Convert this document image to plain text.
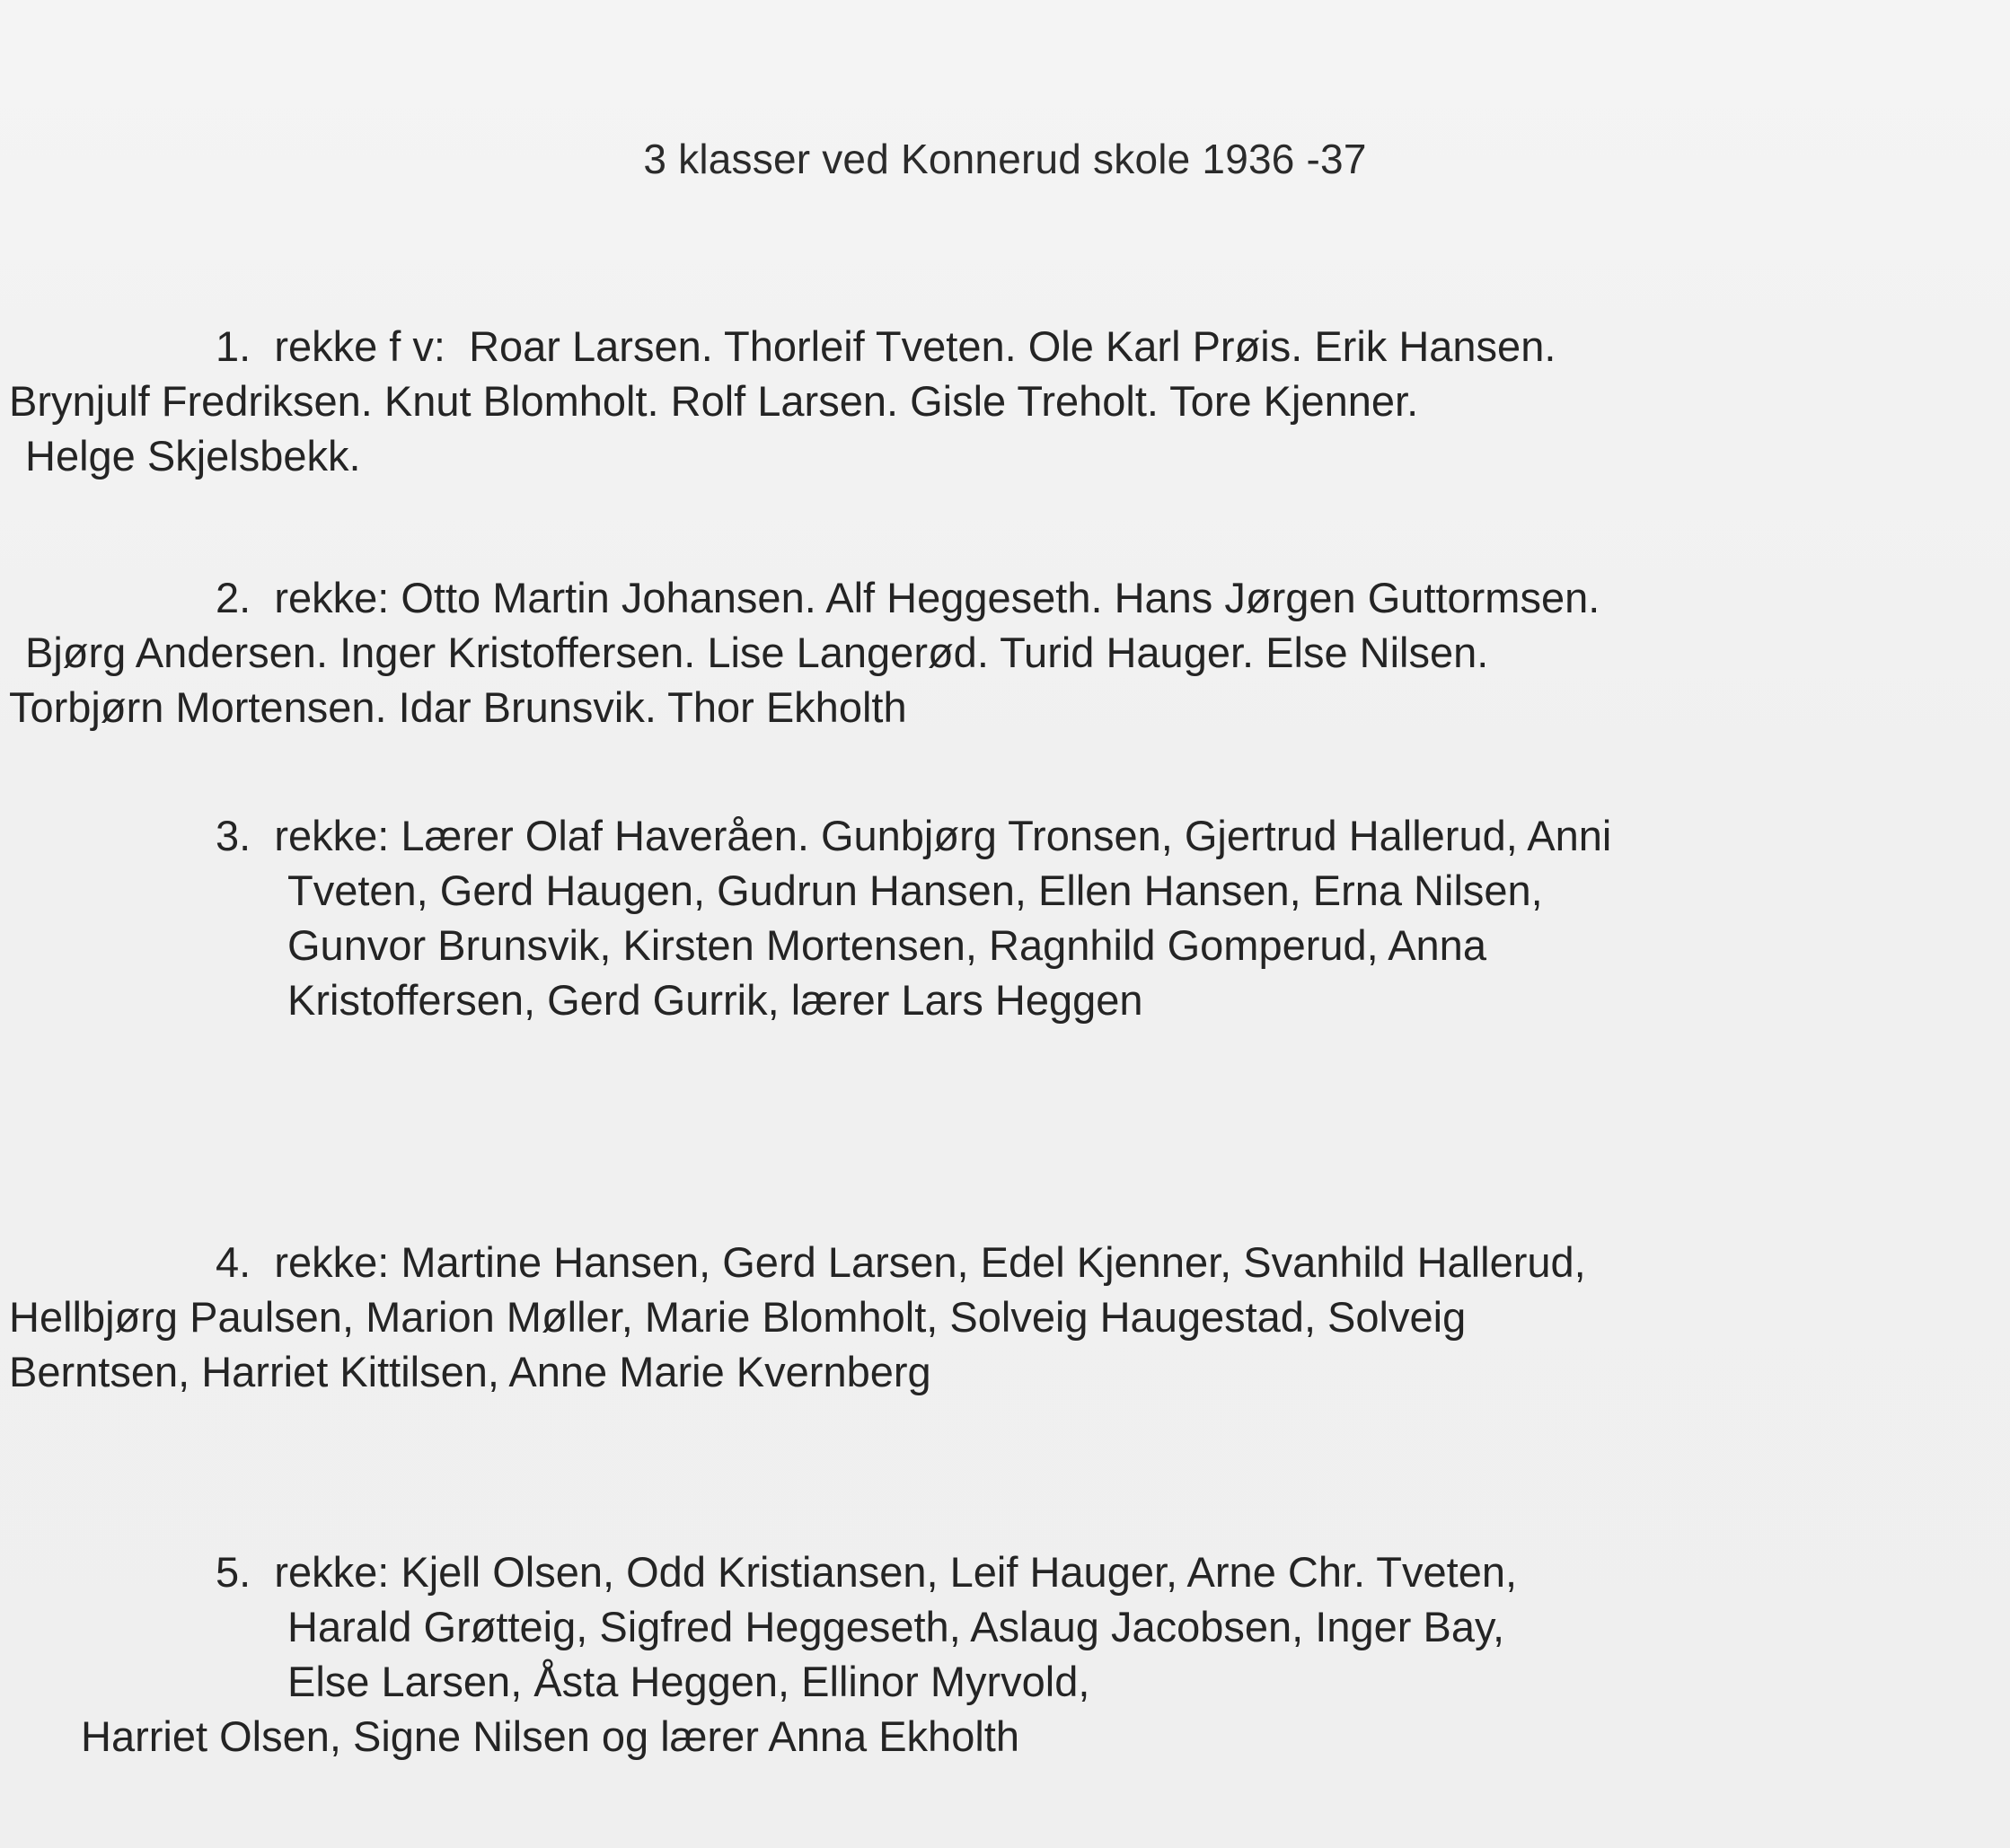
3 klasser ved Konnerud skole 1936 -37
1.  rekke f v:  Roar Larsen. Thorleif Tveten. Ole Karl Prøis. Erik Hansen.
Brynjulf Fredriksen. Knut Blomholt. Rolf Larsen. Gisle Treholt. Tore Kjenner.
Helge Skjelsbekk.
2.  rekke: Otto Martin Johansen. Alf Heggeseth. Hans Jørgen Guttormsen.
Bjørg Andersen. Inger Kristoffersen. Lise Langerød. Turid Hauger. Else Nilsen.
Torbjørn Mortensen. Idar Brunsvik. Thor Ekholth
3.  rekke: Lærer Olaf Haveråen. Gunbjørg Tronsen, Gjertrud Hallerud, Anni
Tveten, Gerd Haugen, Gudrun Hansen, Ellen Hansen, Erna Nilsen,
Gunvor Brunsvik, Kirsten Mortensen, Ragnhild Gomperud, Anna
Kristoffersen, Gerd Gurrik, lærer Lars Heggen
4.  rekke: Martine Hansen, Gerd Larsen, Edel Kjenner, Svanhild Hallerud,
Hellbjørg Paulsen, Marion Møller, Marie Blomholt, Solveig Haugestad, Solveig
Berntsen, Harriet Kittilsen, Anne Marie Kvernberg
5.  rekke: Kjell Olsen, Odd Kristiansen, Leif Hauger, Arne Chr. Tveten,
Harald Grøtteig, Sigfred Heggeseth, Aslaug Jacobsen, Inger Bay,
Else Larsen, Åsta Heggen, Ellinor Myrvold,
Harriet Olsen, Signe Nilsen og lærer Anna Ekholth
